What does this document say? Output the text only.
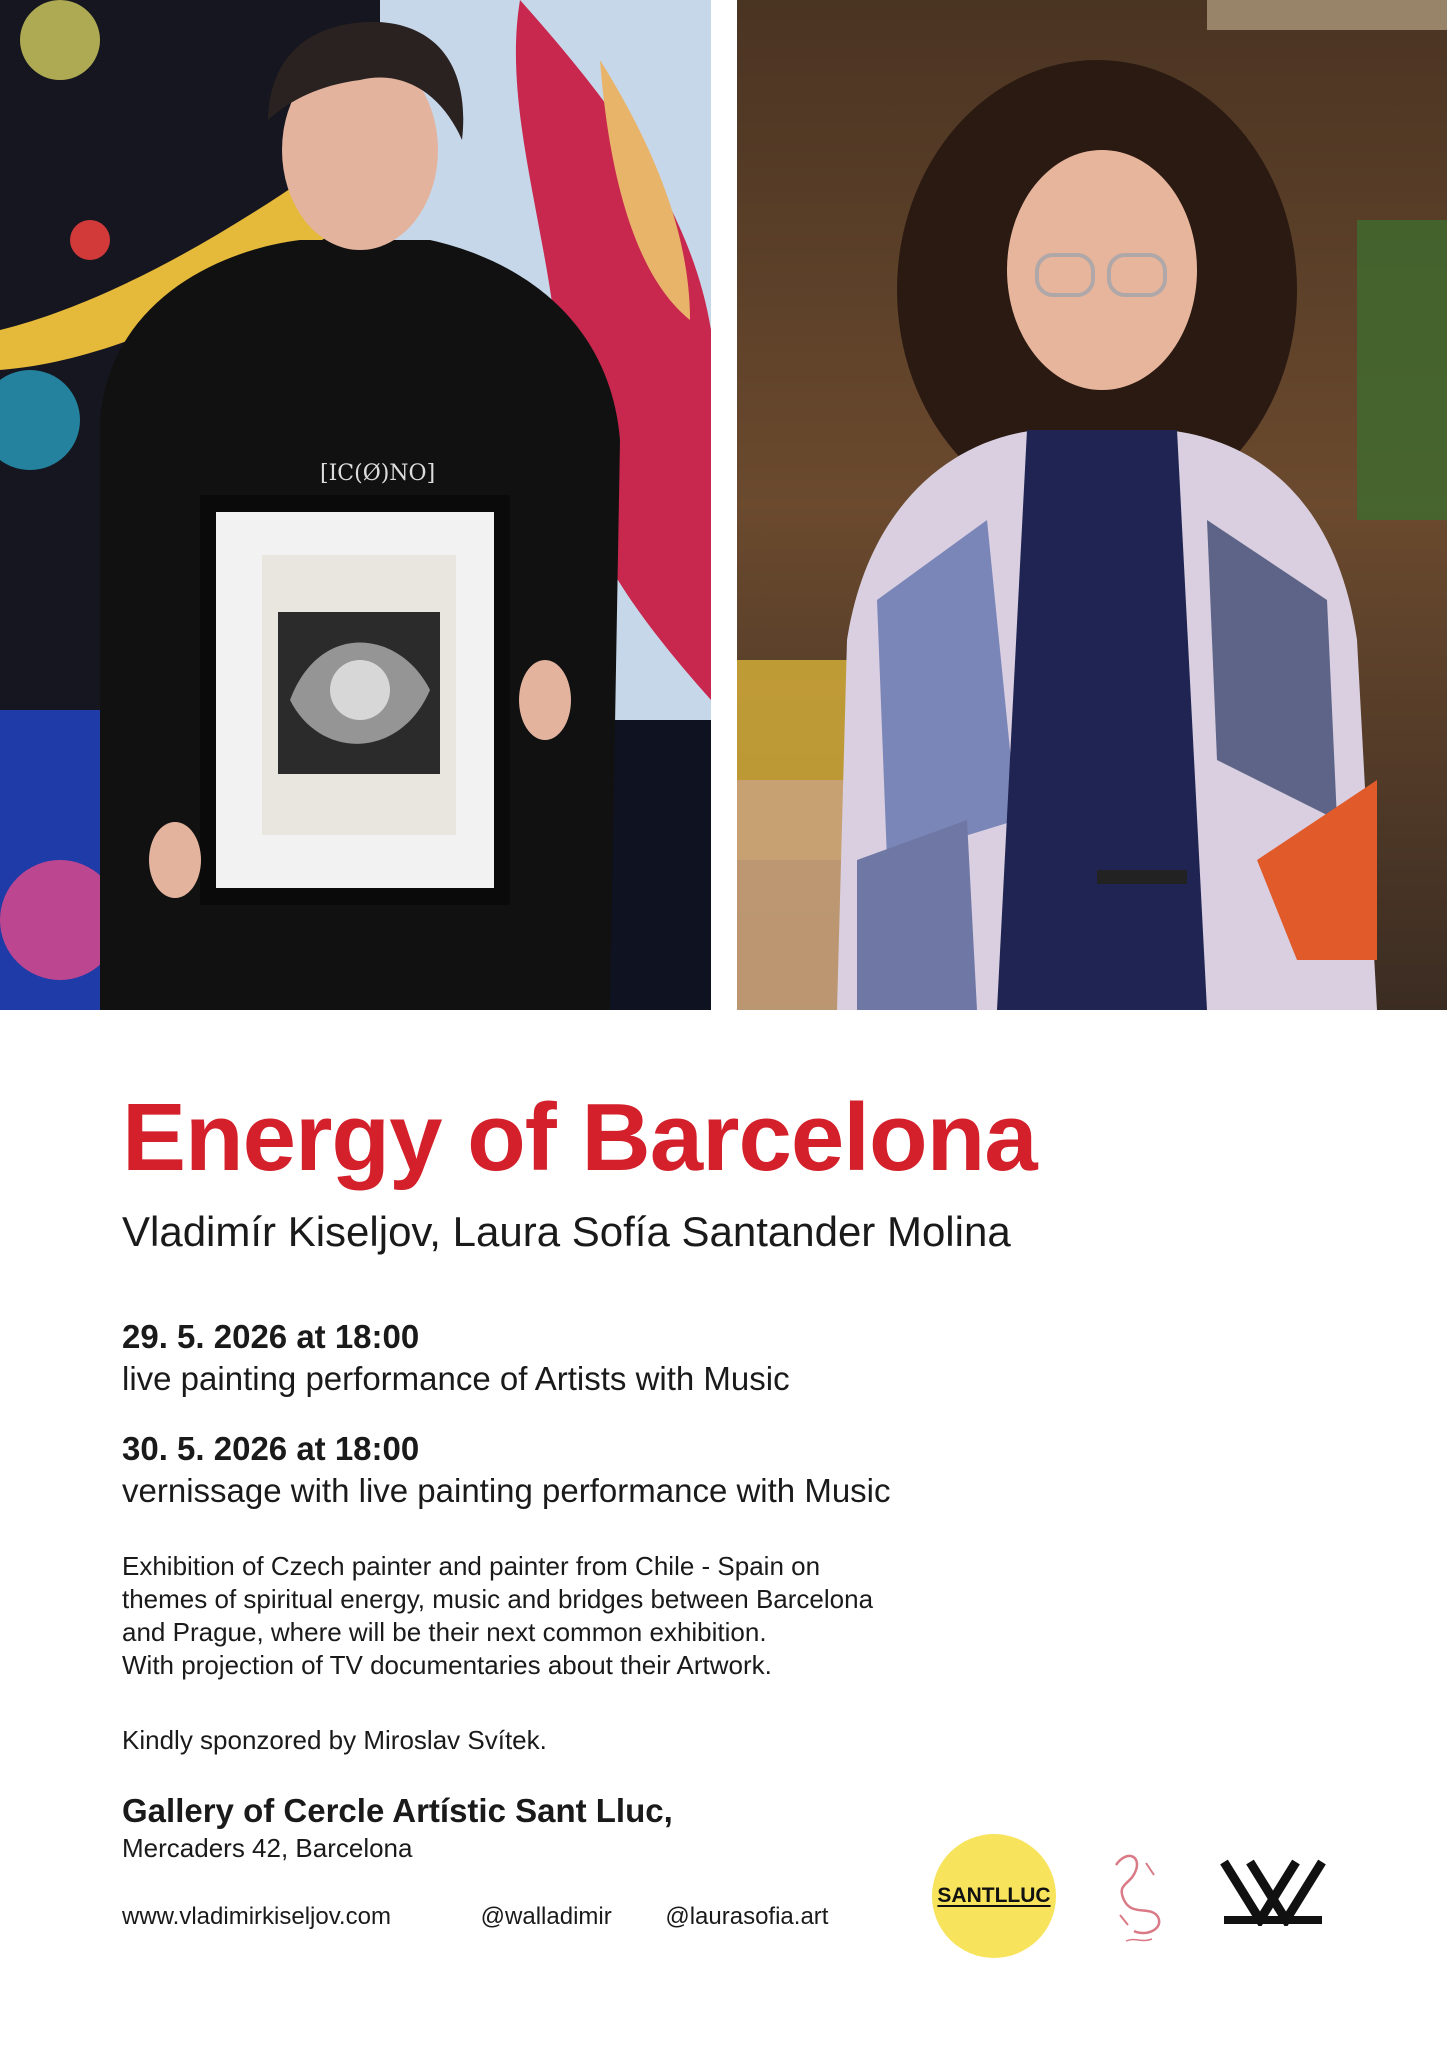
[IC(Ø)NO]
Energy of Barcelona
Vladimír Kiseljov, Laura Sofía Santander Molina
29. 5. 2026 at 18:00
live painting performance of Artists with Music
30. 5. 2026 at 18:00
vernissage with live painting performance with Music
Exhibition of Czech painter and painter from Chile - Spain on
themes of spiritual energy, music and bridges between Barcelona
and Prague, where will be their next common exhibition.
With projection of TV documentaries about their Artwork.
Kindly sponzored by Miroslav Svítek.
Gallery of Cercle Artístic Sant Lluc,
Mercaders 42, Barcelona
www.vladimirkiseljov.com	@walladimir @laurasofia.art
SANTLLUC
